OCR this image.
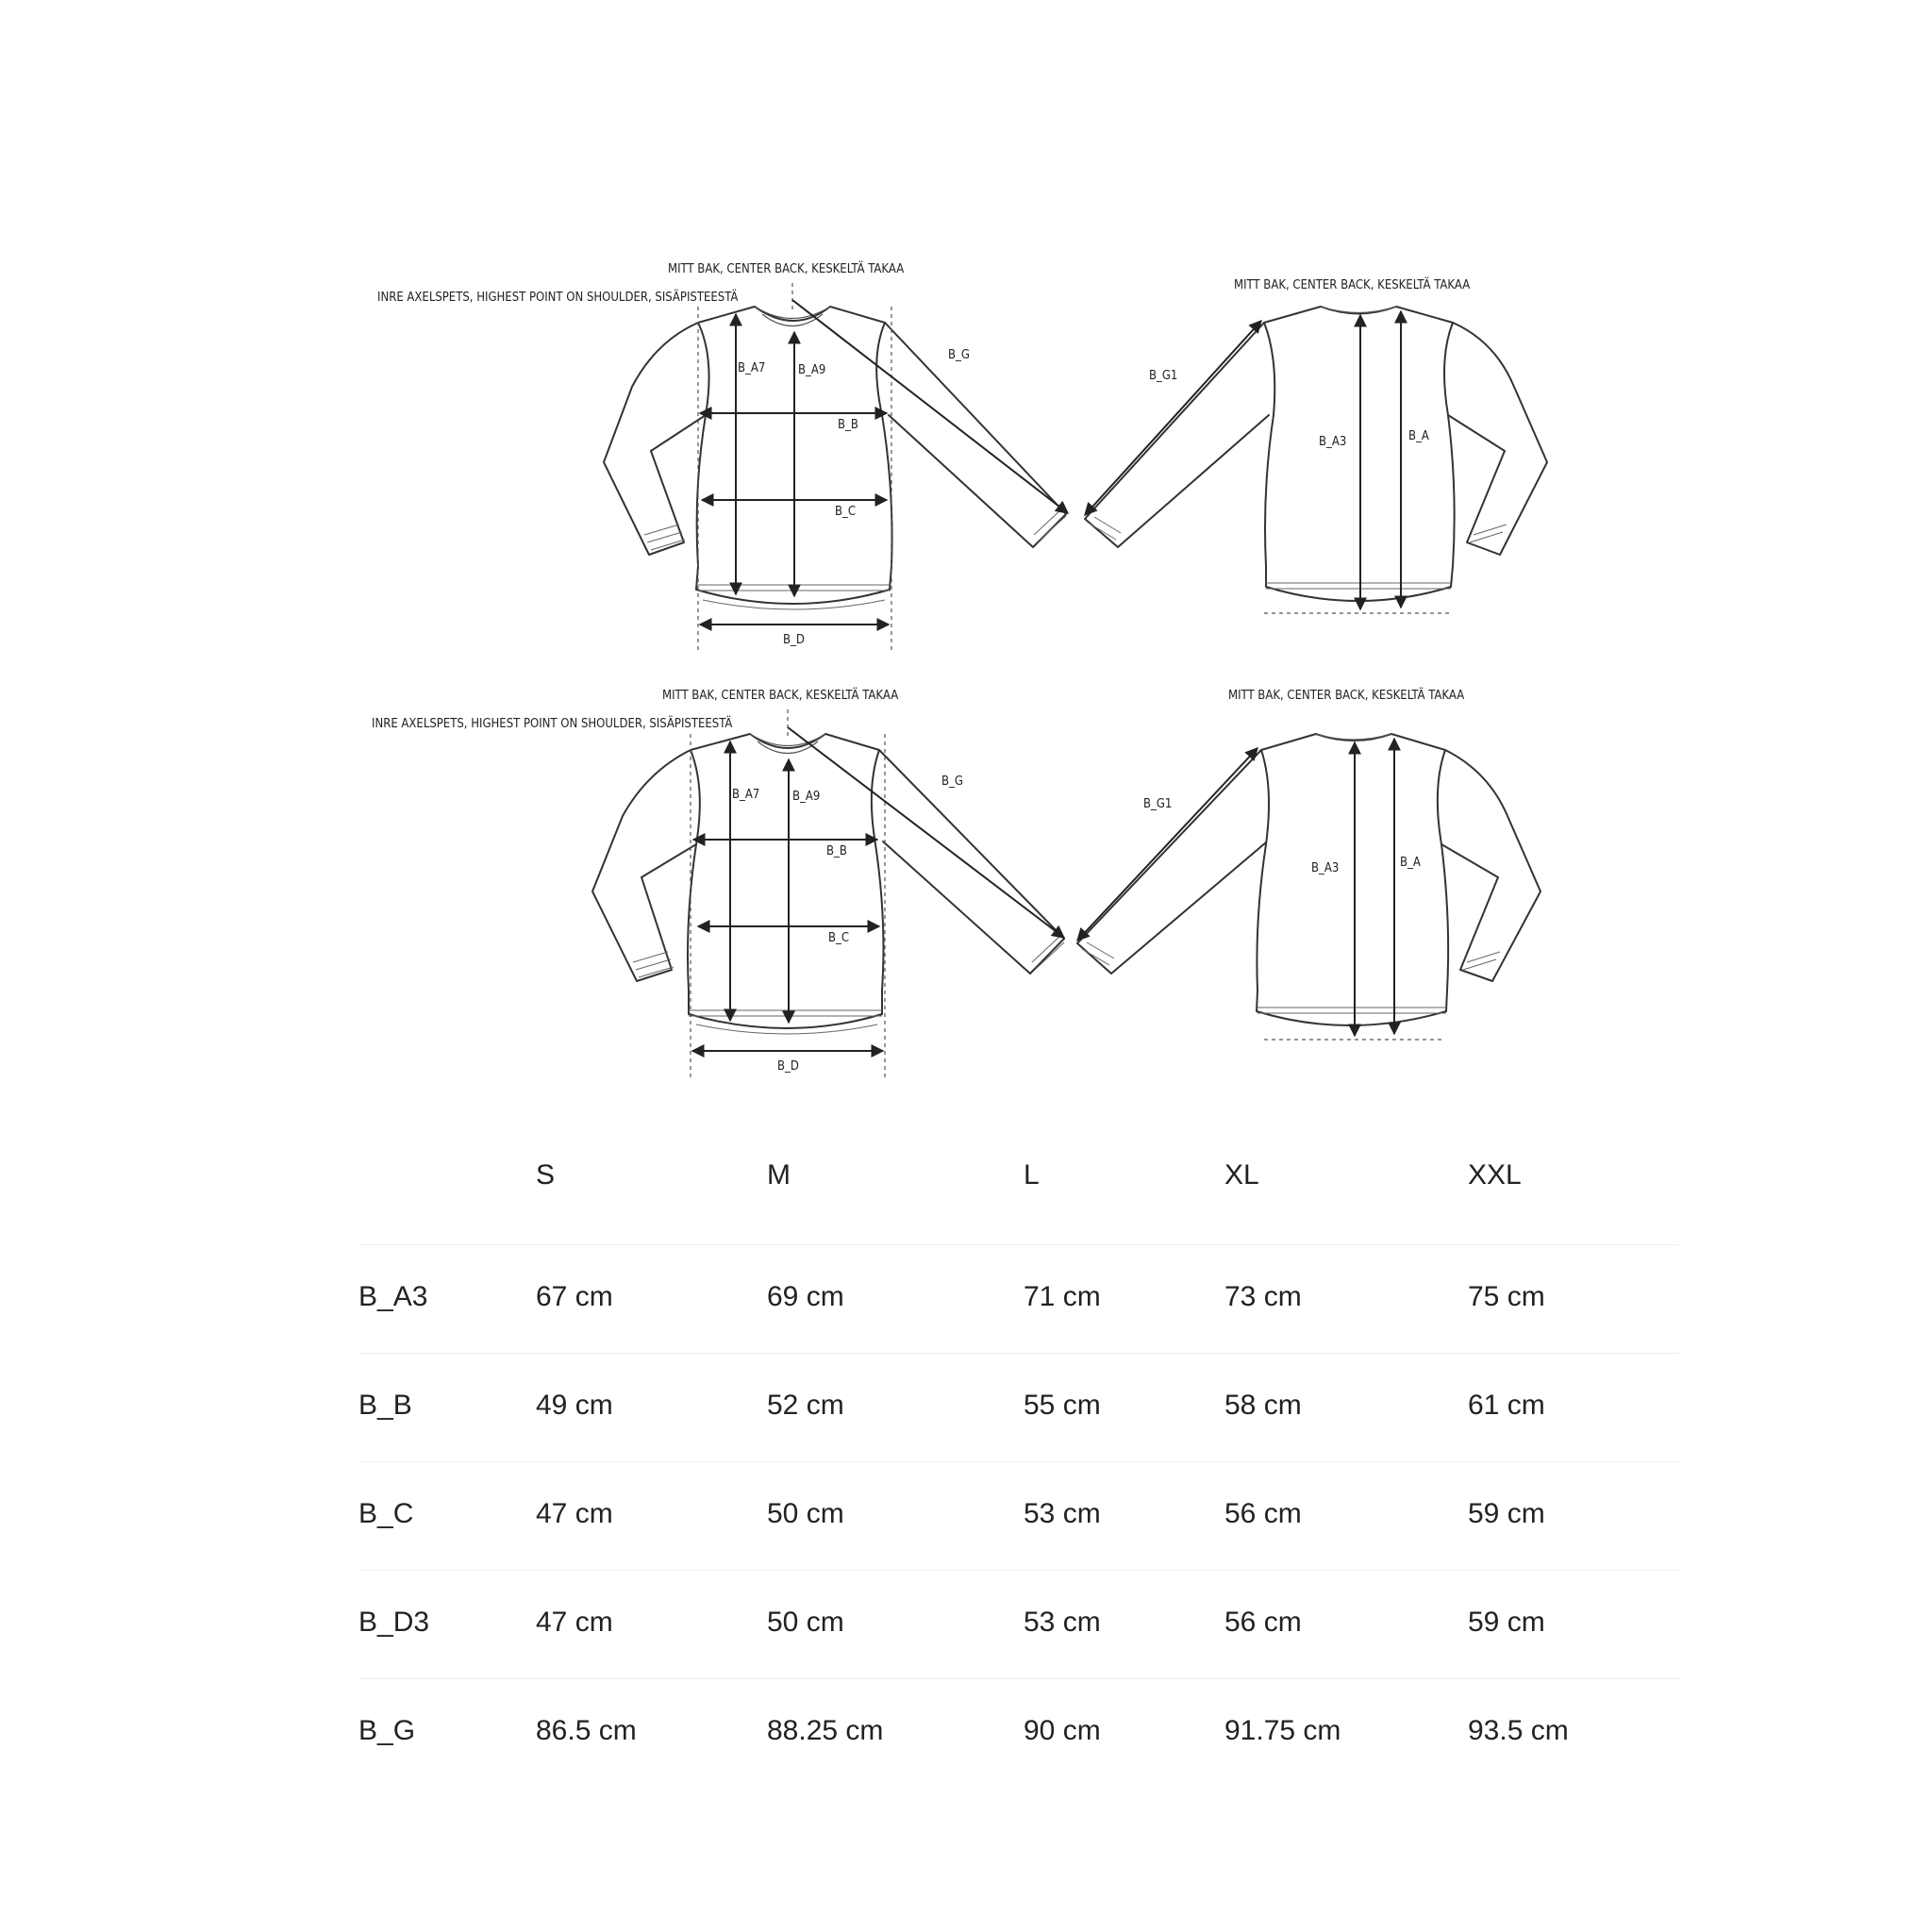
MITT BAK, CENTER BACK, KESKELTÄ TAKAA
INRE AXELSPETS, HIGHEST POINT ON SHOULDER, SISÄPISTEESTÄ
B_A7	B_A9
B_B
B_C
B_D
B_G
MITT BAK, CENTER BACK, KESKELTÄ TAKAA
B_A3	B_A
B_G1
MITT BAK, CENTER BACK, KESKELTÄ TAKAA
INRE AXELSPETS, HIGHEST POINT ON SHOULDER, SISÄPISTEESTÄ
B_A7	B_A9
B_B
B_C
B_D
B_G
MITT BAK, CENTER BACK, KESKELTÄ TAKAA
B_A3	B_A
B_G1
S	M	L	XL	XXL
B_A3	67 cm	69 cm	71 cm	73 cm	75 cm
B_B	49 cm	52 cm	55 cm	58 cm	61 cm
B_C	47 cm	50 cm	53 cm	56 cm	59 cm
B_D3	47 cm	50 cm	53 cm	56 cm	59 cm
B_G	86.5 cm	88.25 cm	90 cm	91.75 cm	93.5 cm
